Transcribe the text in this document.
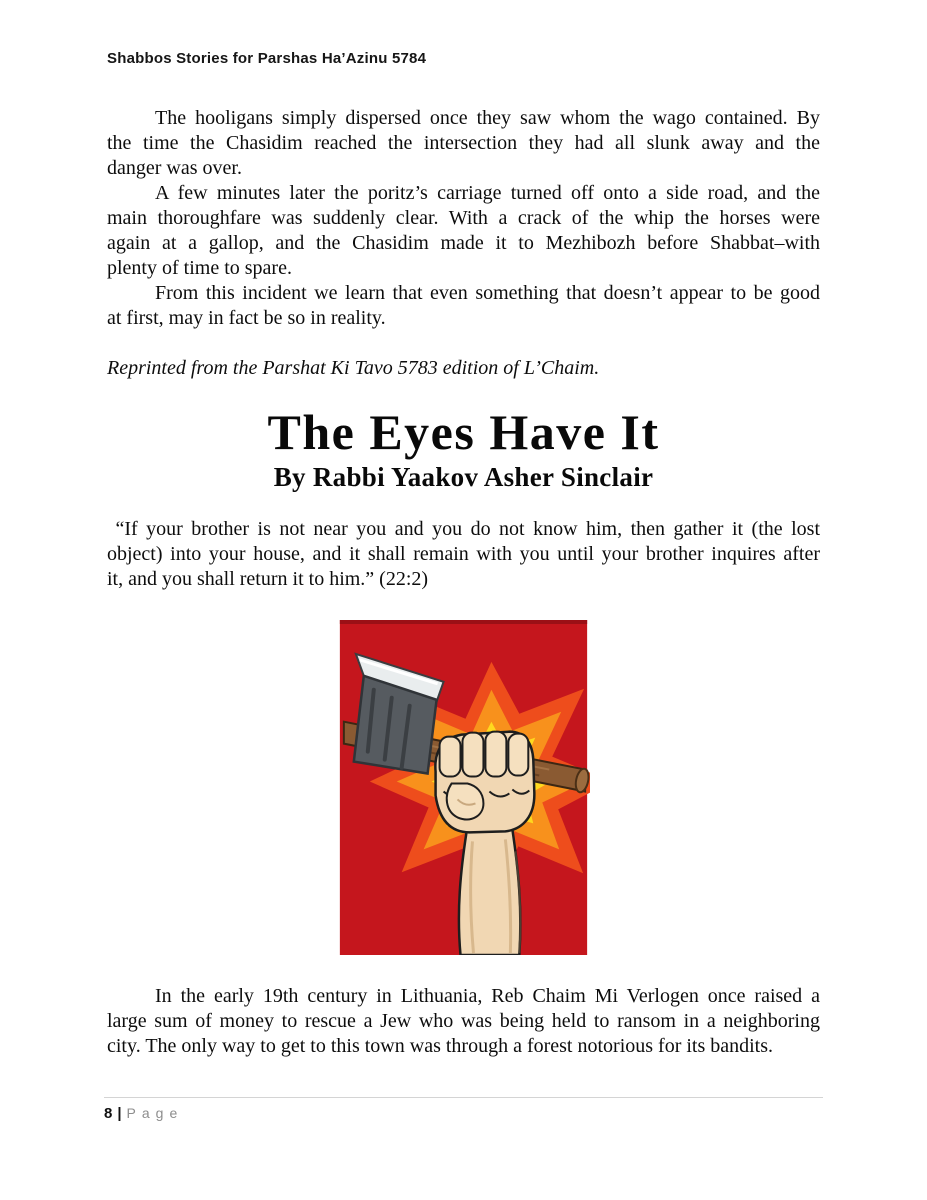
Shabbos Stories for Parshas Ha’Azinu 5784
The hooligans simply dispersed once they saw whom the wago contained. By
the time the Chasidim reached the intersection they had all slunk away and the
danger was over.
A few minutes later the poritz’s carriage turned off onto a side road, and the
main thoroughfare was suddenly clear. With a crack of the whip the horses were
again at a gallop, and the Chasidim made it to Mezhibozh before Shabbat–with
plenty of time to spare.
From this incident we learn that even something that doesn’t appear to be good
at first, may in fact be so in reality.
Reprinted from the Parshat Ki Tavo 5783 edition of L’Chaim.
The Eyes Have It
By Rabbi Yaakov Asher Sinclair
“If your brother is not near you and you do not know him, then gather it (the lost
object) into your house, and it shall remain with you until your brother inquires after
it, and you shall return it to him.” (22:2)
In the early 19th century in Lithuania, Reb Chaim Mi Verlogen once raised a
large sum of money to rescue a Jew who was being held to ransom in a neighboring
city. The only way to get to this town was through a forest notorious for its bandits.
8 | Page
